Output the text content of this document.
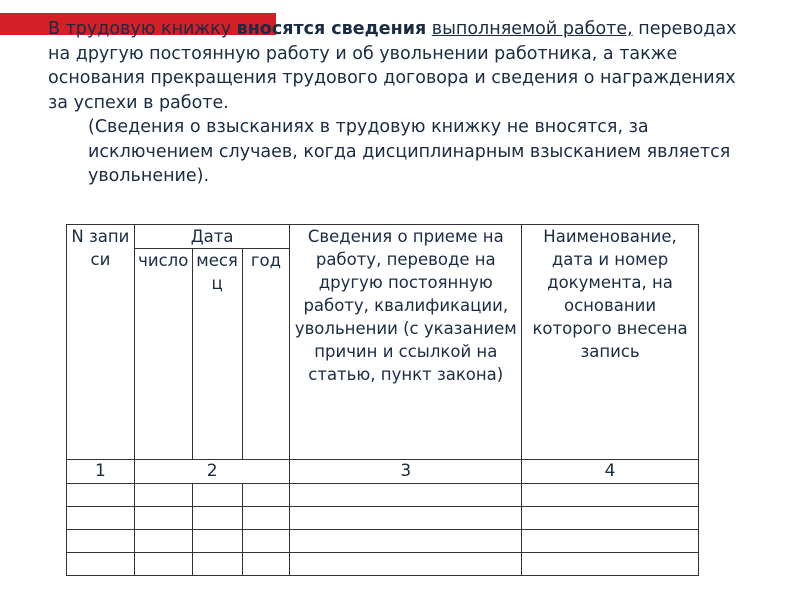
В трудовую книжку вносятся сведения выполняемой работе, переводах на другую постоянную работу и об увольнении работника, а также основания прекращения трудового договора и сведения о награждениях за успехи в работе.

(Сведения о взысканиях в трудовую книжку не вносятся, за исключением случаев, когда дисциплинарным взысканием является увольнение).

N записи	Дата			Сведения о приеме на работу, переводе на другую постоянную работу, квалификации, увольнении (с указанием причин и ссылкой на статью, пункт закона)	Наименование, дата и номер документа, на основании которого внесена запись
	число	месяц	год		
1	2			3	4
